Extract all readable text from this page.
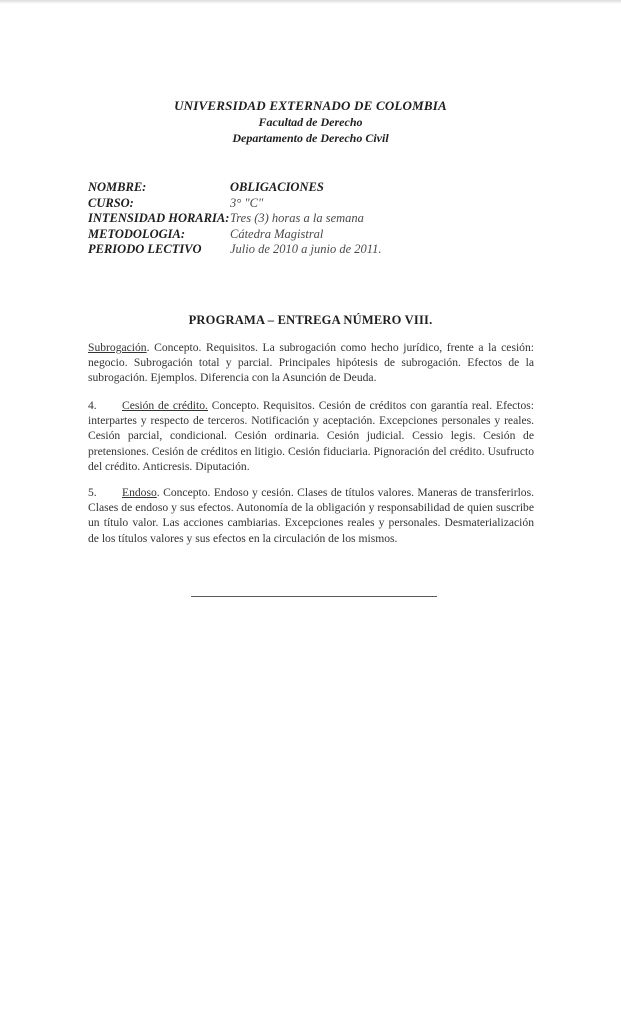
UNIVERSIDAD EXTERNADO DE COLOMBIA
Facultad de Derecho
Departamento de Derecho Civil
NOMBRE:	OBLIGACIONES
CURSO:	3° "C"
INTENSIDAD HORARIA: Tres (3) horas a la semana
METODOLOGIA:	Cátedra Magistral
PERIODO LECTIVO	Julio de 2010 a junio de 2011.
PROGRAMA – ENTREGA NÚMERO VIII.
Subrogación. Concepto. Requisitos. La subrogación como hecho jurídico, frente a la cesión: negocio. Subrogación total y parcial. Principales hipótesis de subrogación. Efectos de la subrogación. Ejemplos. Diferencia con la Asunción de Deuda.
4. Cesión de crédito. Concepto. Requisitos. Cesión de créditos con garantía real. Efectos: interpartes y respecto de terceros. Notificación y aceptación. Excepciones personales y reales. Cesión parcial, condicional. Cesión ordinaria. Cesión judicial. Cessio legis. Cesión de pretensiones. Cesión de créditos en litigio. Cesión fiduciaria. Pignoración del crédito. Usufructo del crédito. Anticresis. Diputación.
5. Endoso. Concepto. Endoso y cesión. Clases de títulos valores. Maneras de transferirlos. Clases de endoso y sus efectos. Autonomía de la obligación y responsabilidad de quien suscribe un título valor. Las acciones cambiarias. Excepciones reales y personales. Desmaterialización de los títulos valores y sus efectos en la circulación de los mismos.
